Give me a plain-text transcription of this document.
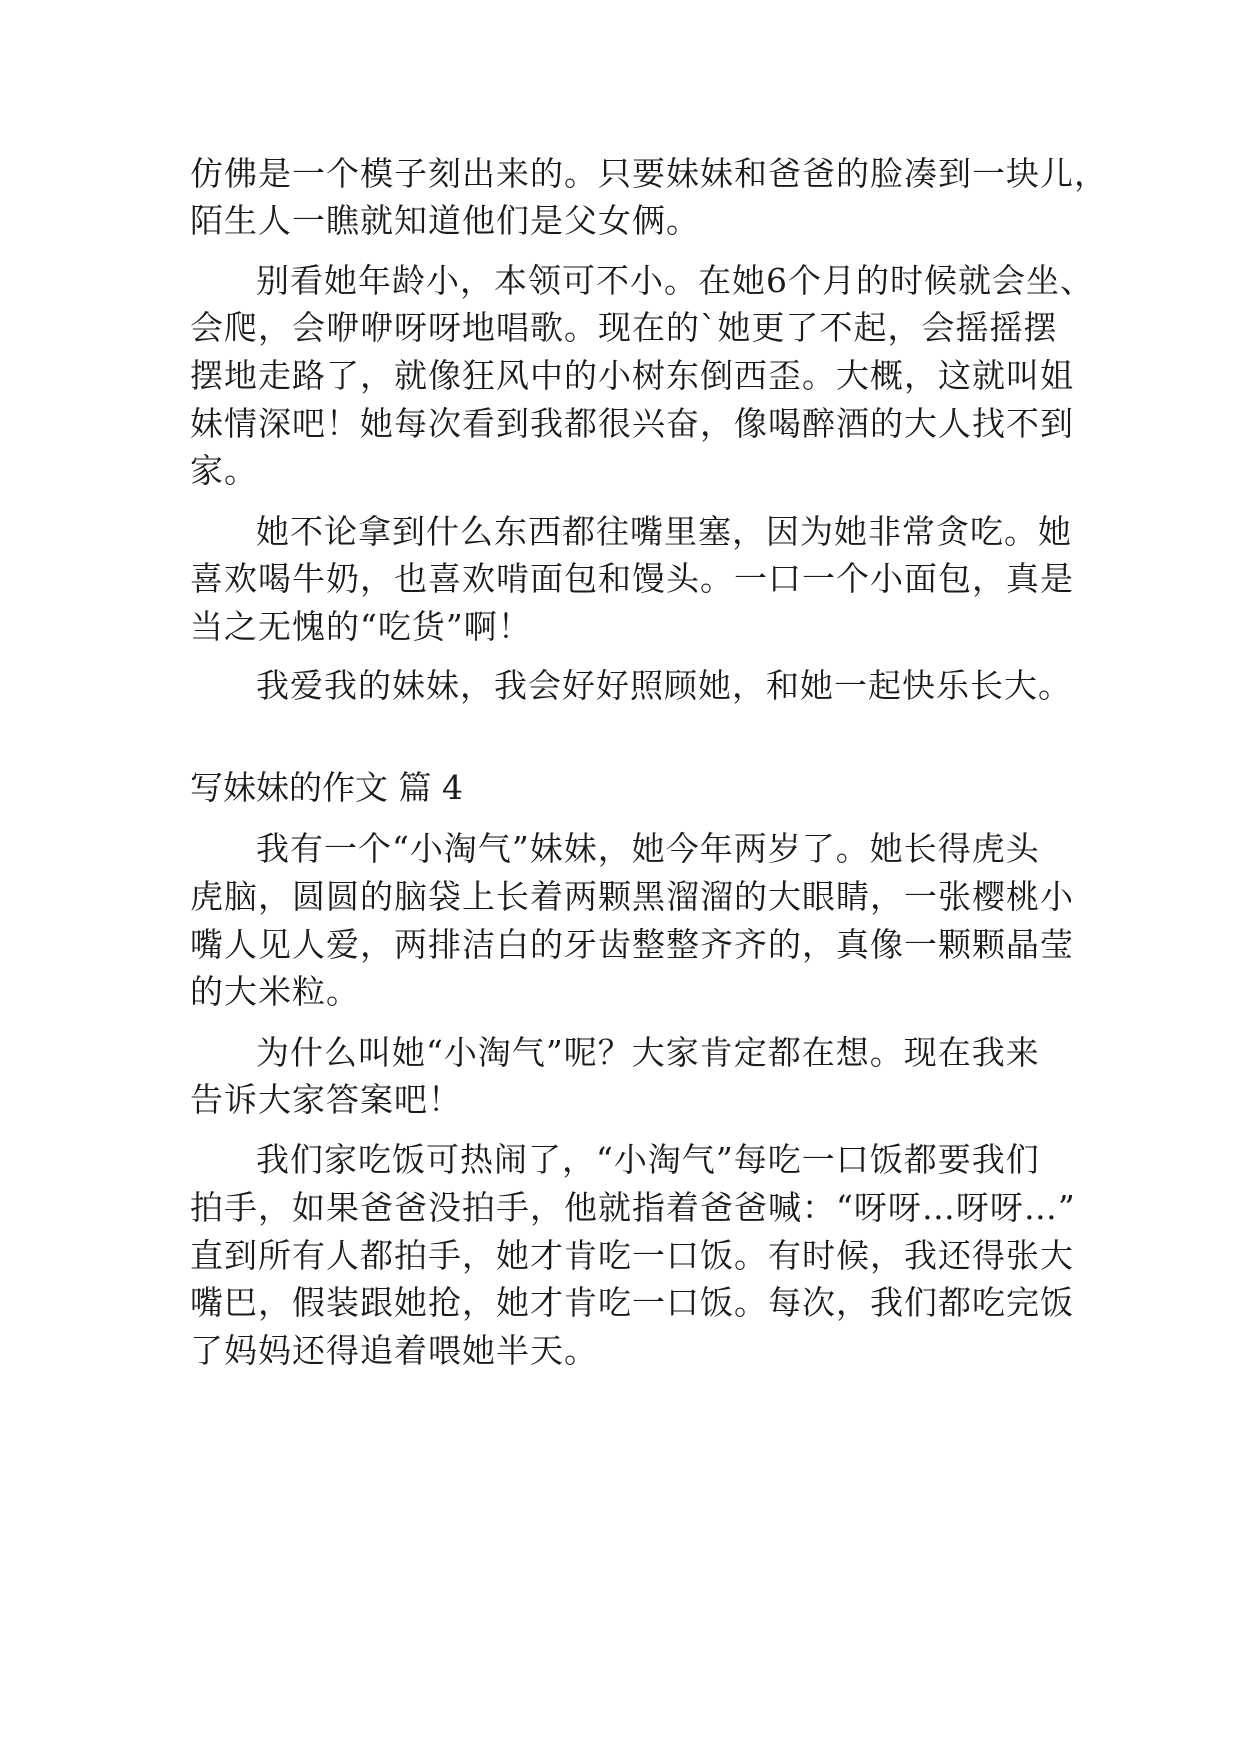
仿佛是一个模子刻出来的。只要妹妹和爸爸的脸凑到一块儿，
陌生人一瞧就知道他们是父女俩。
别看她年龄小，本领可不小。在她6个月的时候就会坐、
会爬，会咿咿呀呀地唱歌。现在的`她更了不起，会摇摇摆
摆地走路了，就像狂风中的小树东倒西歪。大概，这就叫姐
妹情深吧！她每次看到我都很兴奋，像喝醉酒的大人找不到
家。
她不论拿到什么东西都往嘴里塞，因为她非常贪吃。她
喜欢喝牛奶，也喜欢啃面包和馒头。一口一个小面包，真是
当之无愧的“吃货”啊！
我爱我的妹妹，我会好好照顾她，和她一起快乐长大。
写妹妹的作文 篇 4
我有一个“小淘气”妹妹，她今年两岁了。她长得虎头
虎脑，圆圆的脑袋上长着两颗黑溜溜的大眼睛，一张樱桃小
嘴人见人爱，两排洁白的牙齿整整齐齐的，真像一颗颗晶莹
的大米粒。
为什么叫她“小淘气”呢？大家肯定都在想。现在我来
告诉大家答案吧！
我们家吃饭可热闹了，“小淘气”每吃一口饭都要我们
拍手，如果爸爸没拍手，他就指着爸爸喊：“呀呀…呀呀…”
直到所有人都拍手，她才肯吃一口饭。有时候，我还得张大
嘴巴，假装跟她抢，她才肯吃一口饭。每次，我们都吃完饭
了妈妈还得追着喂她半天。
